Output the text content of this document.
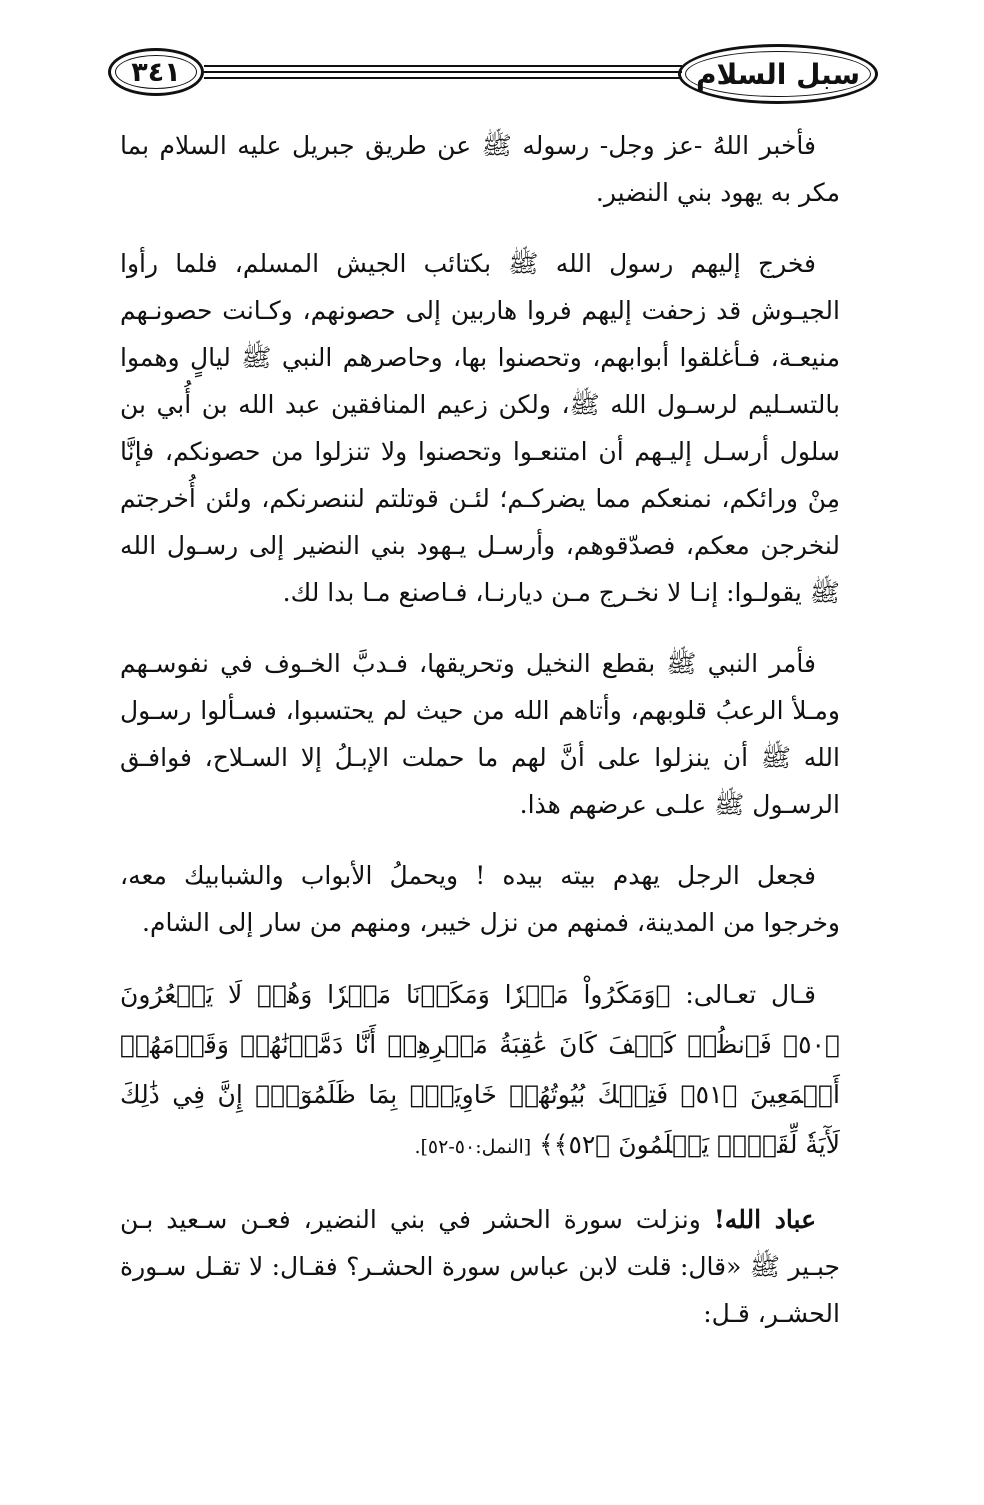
٣٤١	سبل السلام

فأخبر اللهُ -عز وجل- رسوله ﷺ عن طريق جبريل عليه السلام بما مكر به يهود بني النضير.

فخرج إليهم رسول الله ﷺ بكتائب الجيش المسلم، فلما رأوا الجيـوش قد زحفت إليهم فروا هاربين إلى حصونهم، وكـانت حصونـهم منيعـة، فـأغلقوا أبوابهم، وتحصنوا بها، وحاصرهم النبي ﷺ ليالٍ وهموا بالتسـليم لرسـول الله ﷺ، ولكن زعيم المنافقين عبد الله بن أُبي بن سلول أرسـل إليـهم أن امتنعـوا وتحصنوا ولا تنزلوا من حصونكم، فإنَّا مِنْ ورائكم، نمنعكم مما يضركـم؛ لئـن قوتلتم لننصرنكم، ولئن أُخرجتم لنخرجن معكم، فصدّقوهم، وأرسـل يـهود بني النضير إلى رسـول الله ﷺ يقولـوا: إنـا لا نخـرج مـن ديارنـا، فـاصنع مـا بدا لك.

فأمر النبي ﷺ بقطع النخيل وتحريقها، فـدبَّ الخـوف في نفوسـهم ومـلأ الرعبُ قلوبهم، وأتاهم الله من حيث لم يحتسبوا، فسـألوا رسـول الله ﷺ أن ينزلوا على أنَّ لهم ما حملت الإبـلُ إلا السـلاح، فوافـق الرسـول ﷺ علـى عرضهم هذا.

فجعل الرجل يهدم بيته بيده ! ويحملُ الأبواب والشبابيك معه، وخرجوا من المدينة، فمنهم من نزل خيبر، ومنهم من سار إلى الشام.

قـال تعـالى: ﴿وَمَكَرُواْ مَكۡرٗا وَمَكَرۡنَا مَكۡرٗا وَهُمۡ لَا يَشۡعُرُونَ ﴿٥٠﴾ فَٱنظُرۡ كَيۡفَ كَانَ عَٰقِبَةُ مَكۡرِهِمۡ أَنَّا دَمَّرۡنَٰهُمۡ وَقَوۡمَهُمۡ أَجۡمَعِينَ ﴿٥١﴾ فَتِلۡكَ بُيُوتُهُمۡ خَاوِيَةَۢ بِمَا ظَلَمُوٓاْۚ إِنَّ فِي ذَٰلِكَ لَأٓيَةٗ لِّقَوۡمٖ يَعۡلَمُونَ ﴿٥٢﴾﴾ [النمل:٥٠-٥٢].

عباد الله! ونزلت سورة الحشر في بني النضير، فعـن سـعيد بـن جبـير ﷺ «قال: قلت لابن عباس سورة الحشـر؟ فقـال: لا تقـل سـورة الحشـر، قـل:
